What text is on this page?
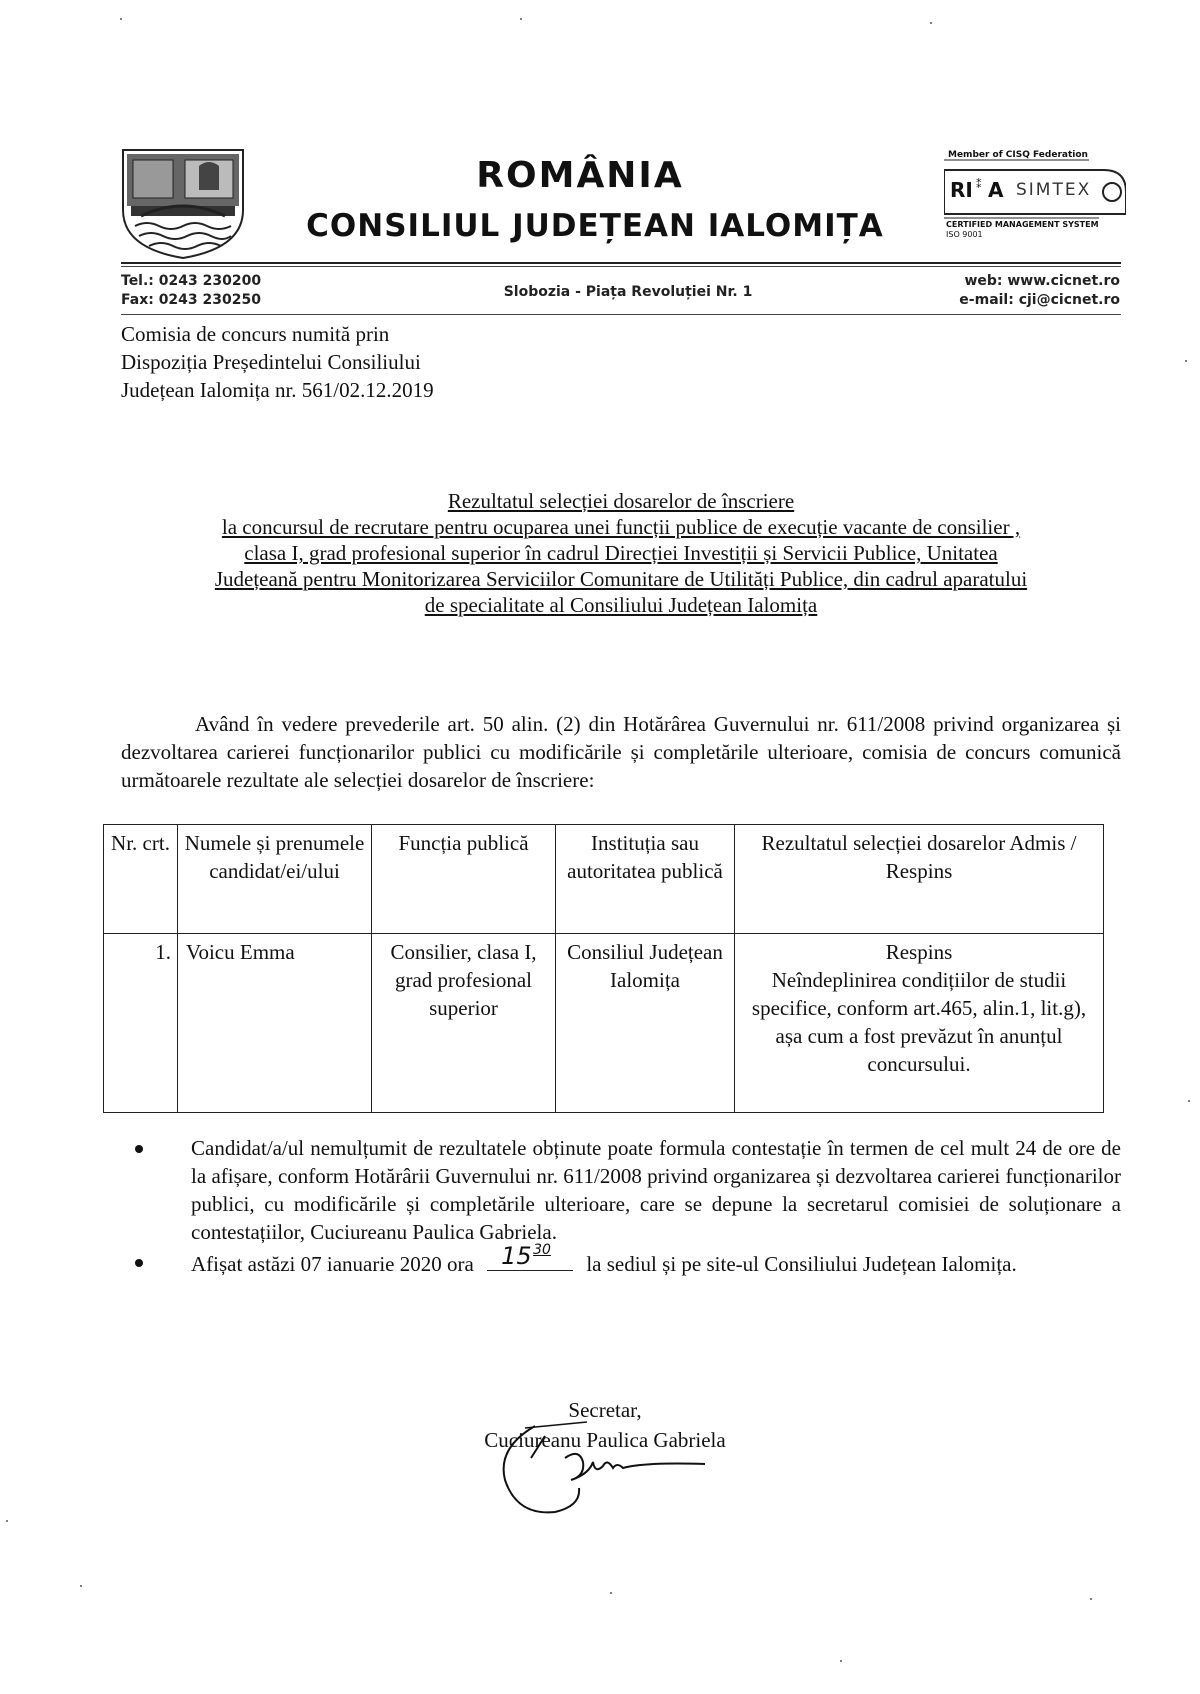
ROMÂNIA
CONSILIUL JUDEȚEAN IALOMIȚA
Member of CISQ Federation
RI ⁑ A SIMTEX
CERTIFIED MANAGEMENT SYSTEM
ISO 9001
Tel.: 0243 230200
Fax: 0243 230250	Slobozia - Piața Revoluției Nr. 1
web: www.cicnet.ro
e-mail: cji@cicnet.ro
Comisia de concurs numită prin
Dispoziția Președintelui Consiliului
Județean Ialomița nr. 561/02.12.2019
Rezultatul selecției dosarelor de înscriere
la concursul de recrutare pentru ocuparea unei funcții publice de execuție vacante de consilier ,
clasa I, grad profesional superior în cadrul Direcției Investiții și Servicii Publice, Unitatea
Județeană pentru Monitorizarea Serviciilor Comunitare de Utilități Publice, din cadrul aparatului
de specialitate al Consiliului Județean Ialomița

Având în vedere prevederile art. 50 alin. (2) din Hotărârea Guvernului nr. 611/2008 privind organizarea și dezvoltarea carierei funcționarilor publici cu modificările și completările ulterioare, comisia de concurs comunică următoarele rezultate ale selecției dosarelor de înscriere:

Nr. crt.	Numele și prenumele candidat/ei/ului	Funcția publică	Instituția sau autoritatea publică	Rezultatul selecției dosarelor Admis / Respins
1.	Voicu Emma	Consilier, clasa I, grad profesional superior	Consiliul Județean Ialomița	Respins
Neîndeplinirea condițiilor de studii specifice, conform art.465, alin.1, lit.g), așa cum a fost prevăzut în anunțul concursului.
Candidat/a/ul nemulțumit de rezultatele obținute poate formula contestație în termen de cel mult 24 de ore de la afișare, conform Hotărârii Guvernului nr. 611/2008 privind organizarea și dezvoltarea carierei funcționarilor publici, cu modificările și completările ulterioare, care se depune la secretarul comisiei de soluționare a contestațiilor, Cuciureanu Paulica Gabriela.
Afișat astăzi 07 ianuarie 2020 ora 15 30
la sediul și pe site-ul Consiliului Județean Ialomița.
Secretar,
Cuciureanu Paulica Gabriela
